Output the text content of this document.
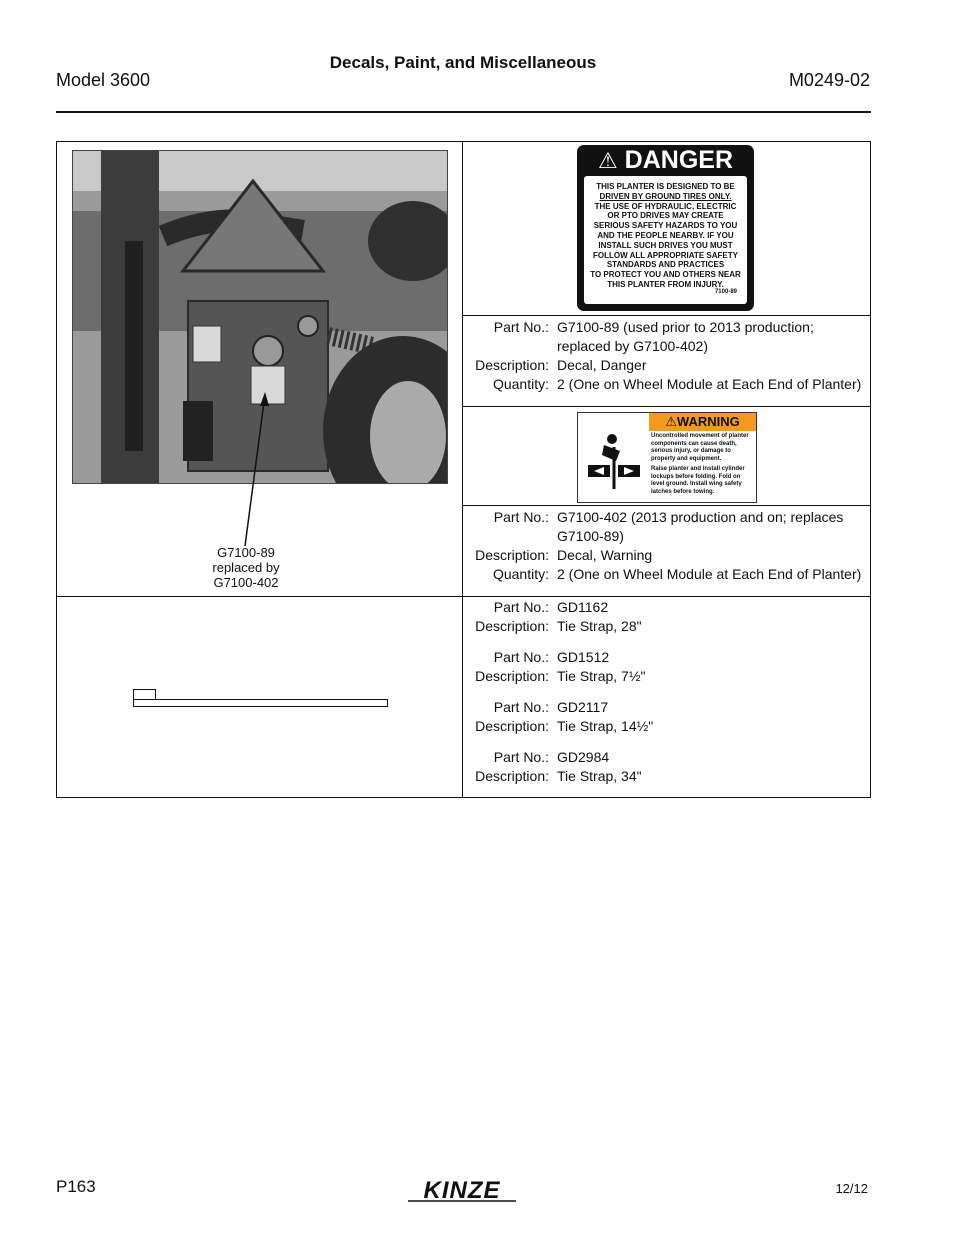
Decals, Paint, and Miscellaneous
Model 3600	M0249-02
G7100-89
replaced by
G7100-402
⚠ DANGER
THIS PLANTER IS DESIGNED TO BE
DRIVEN BY GROUND TIRES ONLY.
THE USE OF HYDRAULIC, ELECTRIC
OR PTO DRIVES MAY CREATE
SERIOUS SAFETY HAZARDS TO YOU
AND THE PEOPLE NEARBY. IF YOU
INSTALL SUCH DRIVES YOU MUST
FOLLOW ALL APPROPRIATE SAFETY
STANDARDS AND PRACTICES
TO PROTECT YOU AND OTHERS NEAR
THIS PLANTER FROM INJURY.
7100-89
Part No.: G7100-89 (used prior to 2013 production; replaced by G7100-402)
Description: Decal, Danger
Quantity: 2 (One on Wheel Module at Each End of Planter)
⚠WARNING
Uncontrolled movement of planter components can cause death, serious injury, or damage to property and equipment.
Raise planter and install cylinder lockups before folding. Fold on level ground. Install wing safety latches before towing.
Part No.: G7100-402 (2013 production and on; replaces G7100-89)
Description: Decal, Warning
Quantity: 2 (One on Wheel Module at Each End of Planter)
Part No.: GD1162
Description: Tie Strap, 28"
Part No.: GD1512
Description: Tie Strap, 7½"
Part No.: GD2117
Description: Tie Strap, 14½"
Part No.: GD2984
Description: Tie Strap, 34"
P163	KINZE	12/12
